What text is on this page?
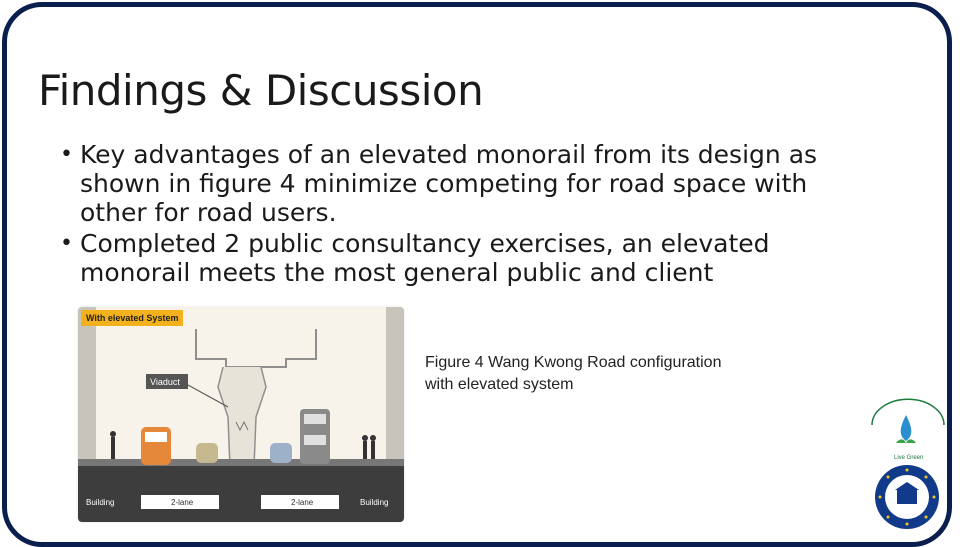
Findings & Discussion
• Key advantages of an elevated monorail from its design as shown in figure 4 minimize competing for road space with other for road users.
• Completed 2 public consultancy exercises, an elevated monorail meets the most general public and client
Viaduct
2-lane	2-lane
Building	Building
With elevated System
Figure 4 Wang Kwong Road configuration with elevated system
Live Green
